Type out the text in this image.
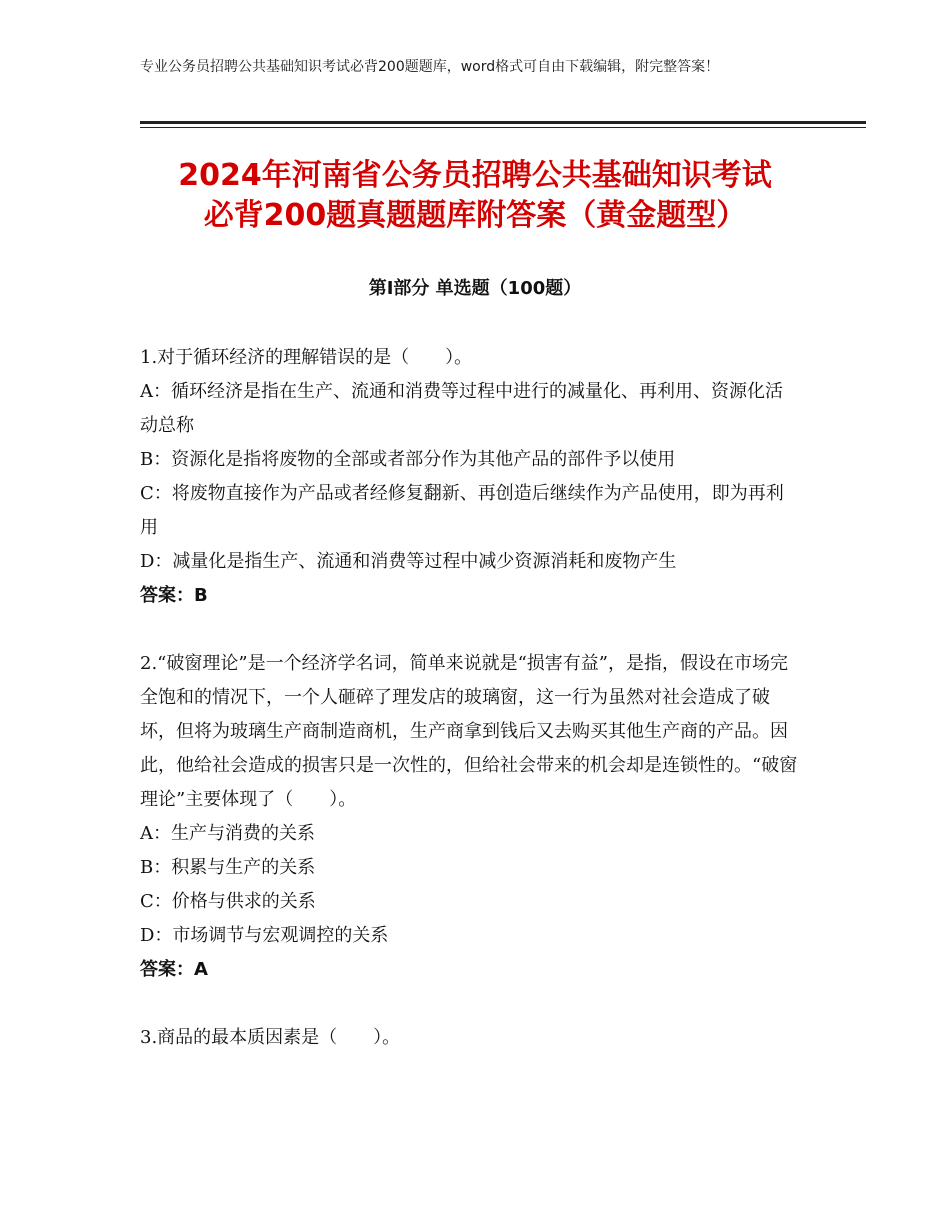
专业公务员招聘公共基础知识考试必背200题题库，word格式可自由下载编辑，附完整答案！
2024年河南省公务员招聘公共基础知识考试
必背200题真题题库附答案（黄金题型）
第Ⅰ部分 单选题（100题）

1.对于循环经济的理解错误的是（　　）。

A：循环经济是指在生产、流通和消费等过程中进行的减量化、再利用、资源化活动总称

B：资源化是指将废物的全部或者部分作为其他产品的部件予以使用

C：将废物直接作为产品或者经修复翻新、再创造后继续作为产品使用，即为再利用

D：减量化是指生产、流通和消费等过程中减少资源消耗和废物产生

答案：B

2.“破窗理论”是一个经济学名词，简单来说就是“损害有益”，是指，假设在市场完全饱和的情况下，一个人砸碎了理发店的玻璃窗，这一行为虽然对社会造成了破坏，但将为玻璃生产商制造商机，生产商拿到钱后又去购买其他生产商的产品。因此，他给社会造成的损害只是一次性的，但给社会带来的机会却是连锁性的。“破窗理论”主要体现了（　　）。

A：生产与消费的关系

B：积累与生产的关系

C：价格与供求的关系

D：市场调节与宏观调控的关系

答案：A

3.商品的最本质因素是（　　）。
